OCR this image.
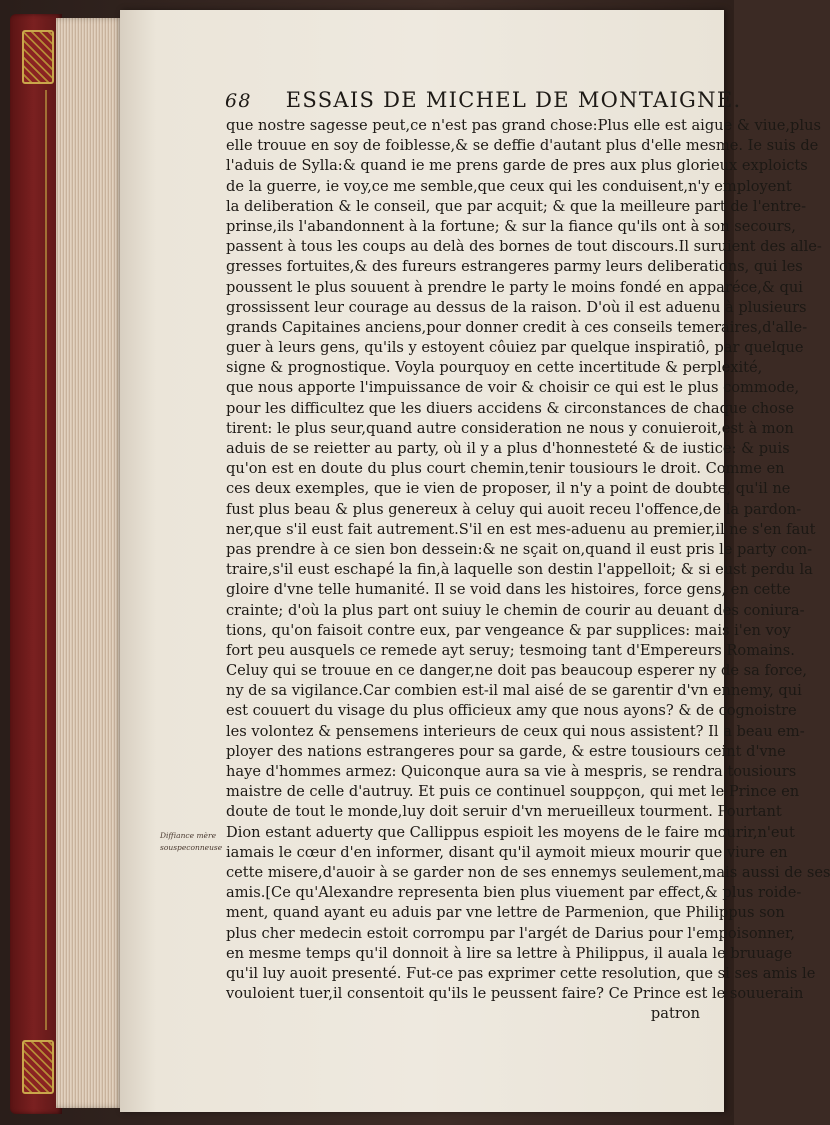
68 ESSAIS DE MICHEL DE MONTAIGNE.
que nostre sagesse peut,ce n'est pas grand chose:Plus elle est aigue & viue,plus
elle trouue en soy de foiblesse,& se deffie d'autant plus d'elle mesme. Ie suis de
l'aduis de Sylla:& quand ie me prens garde de pres aux plus glorieux exploicts
de la guerre, ie voy,ce me semble,que ceux qui les conduisent,n'y employent
la deliberation & le conseil, que par acquit; & que la meilleure part de l'entre-
prinse,ils l'abandonnent à la fortune; & sur la fiance qu'ils ont à son secours,
passent à tous les coups au delà des bornes de tout discours.Il suruient des alle-
gresses fortuites,& des fureurs estrangeres parmy leurs deliberations, qui les
poussent le plus souuent à prendre le party le moins fondé en apparéce,& qui
grossissent leur courage au dessus de la raison. D'où il est aduenu à plusieurs
grands Capitaines anciens,pour donner credit à ces conseils temeraires,d'alle-
guer à leurs gens, qu'ils y estoyent côuiez par quelque inspiratiô, par quelque
signe & prognostique. Voyla pourquoy en cette incertitude & perplexité,
que nous apporte l'impuissance de voir & choisir ce qui est le plus commode,
pour les difficultez que les diuers accidens & circonstances de chaque chose
tirent: le plus seur,quand autre consideration ne nous y conuieroit,est à mon
aduis de se reietter au party, où il y a plus d'honnesteté & de iustice: & puis
qu'on est en doute du plus court chemin,tenir tousiours le droit. Comme en
ces deux exemples, que ie vien de proposer, il n'y a point de doubte, qu'il ne
fust plus beau & plus genereux à celuy qui auoit receu l'offence,de la pardon-
ner,que s'il eust fait autrement.S'il en est mes-aduenu au premier,il ne s'en faut
pas prendre à ce sien bon dessein:& ne sçait on,quand il eust pris le party con-
traire,s'il eust eschapé la fin,à laquelle son destin l'appelloit; & si eust perdu la
gloire d'vne telle humanité. Il se void dans les histoires, force gens, en cette
crainte; d'où la plus part ont suiuy le chemin de courir au deuant des coniura-
tions, qu'on faisoit contre eux, par vengeance & par supplices: mais i'en voy
fort peu ausquels ce remede ayt seruy; tesmoing tant d'Empereurs Romains.
Celuy qui se trouue en ce danger,ne doit pas beaucoup esperer ny de sa force,
ny de sa vigilance.Car combien est-il mal aisé de se garentir d'vn ennemy, qui
est couuert du visage du plus officieux amy que nous ayons? & de cognoistre
les volontez & pensemens interieurs de ceux qui nous assistent? Il a beau em-
ployer des nations estrangeres pour sa garde, & estre tousiours ceint d'vne
haye d'hommes armez: Quiconque aura sa vie à mespris, se rendra tousiours
maistre de celle d'autruy. Et puis ce continuel souppçon, qui met le Prince en
doute de tout le monde,luy doit seruir d'vn merueilleux tourment. Pourtant
Dion estant aduerty que Callippus espioit les moyens de le faire mourir,n'eut
iamais le cœur d'en informer, disant qu'il aymoit mieux mourir que viure en
cette misere,d'auoir à se garder non de ses ennemys seulement,mais aussi de ses
amis.[Ce qu'Alexandre representa bien plus viuement par effect,& plus roide-
ment, quand ayant eu aduis par vne lettre de Parmenion, que Philippus son
plus cher medecin estoit corrompu par l'argét de Darius pour l'empoisonner,
en mesme temps qu'il donnoit à lire sa lettre à Philippus, il auala le bruuage
qu'il luy auoit presenté. Fut-ce pas exprimer cette resolution, que si ses amis le
vouloient tuer,il consentoit qu'ils le peussent faire? Ce Prince est le souuerain
patron
Diffiance mère
souspeconneuse
